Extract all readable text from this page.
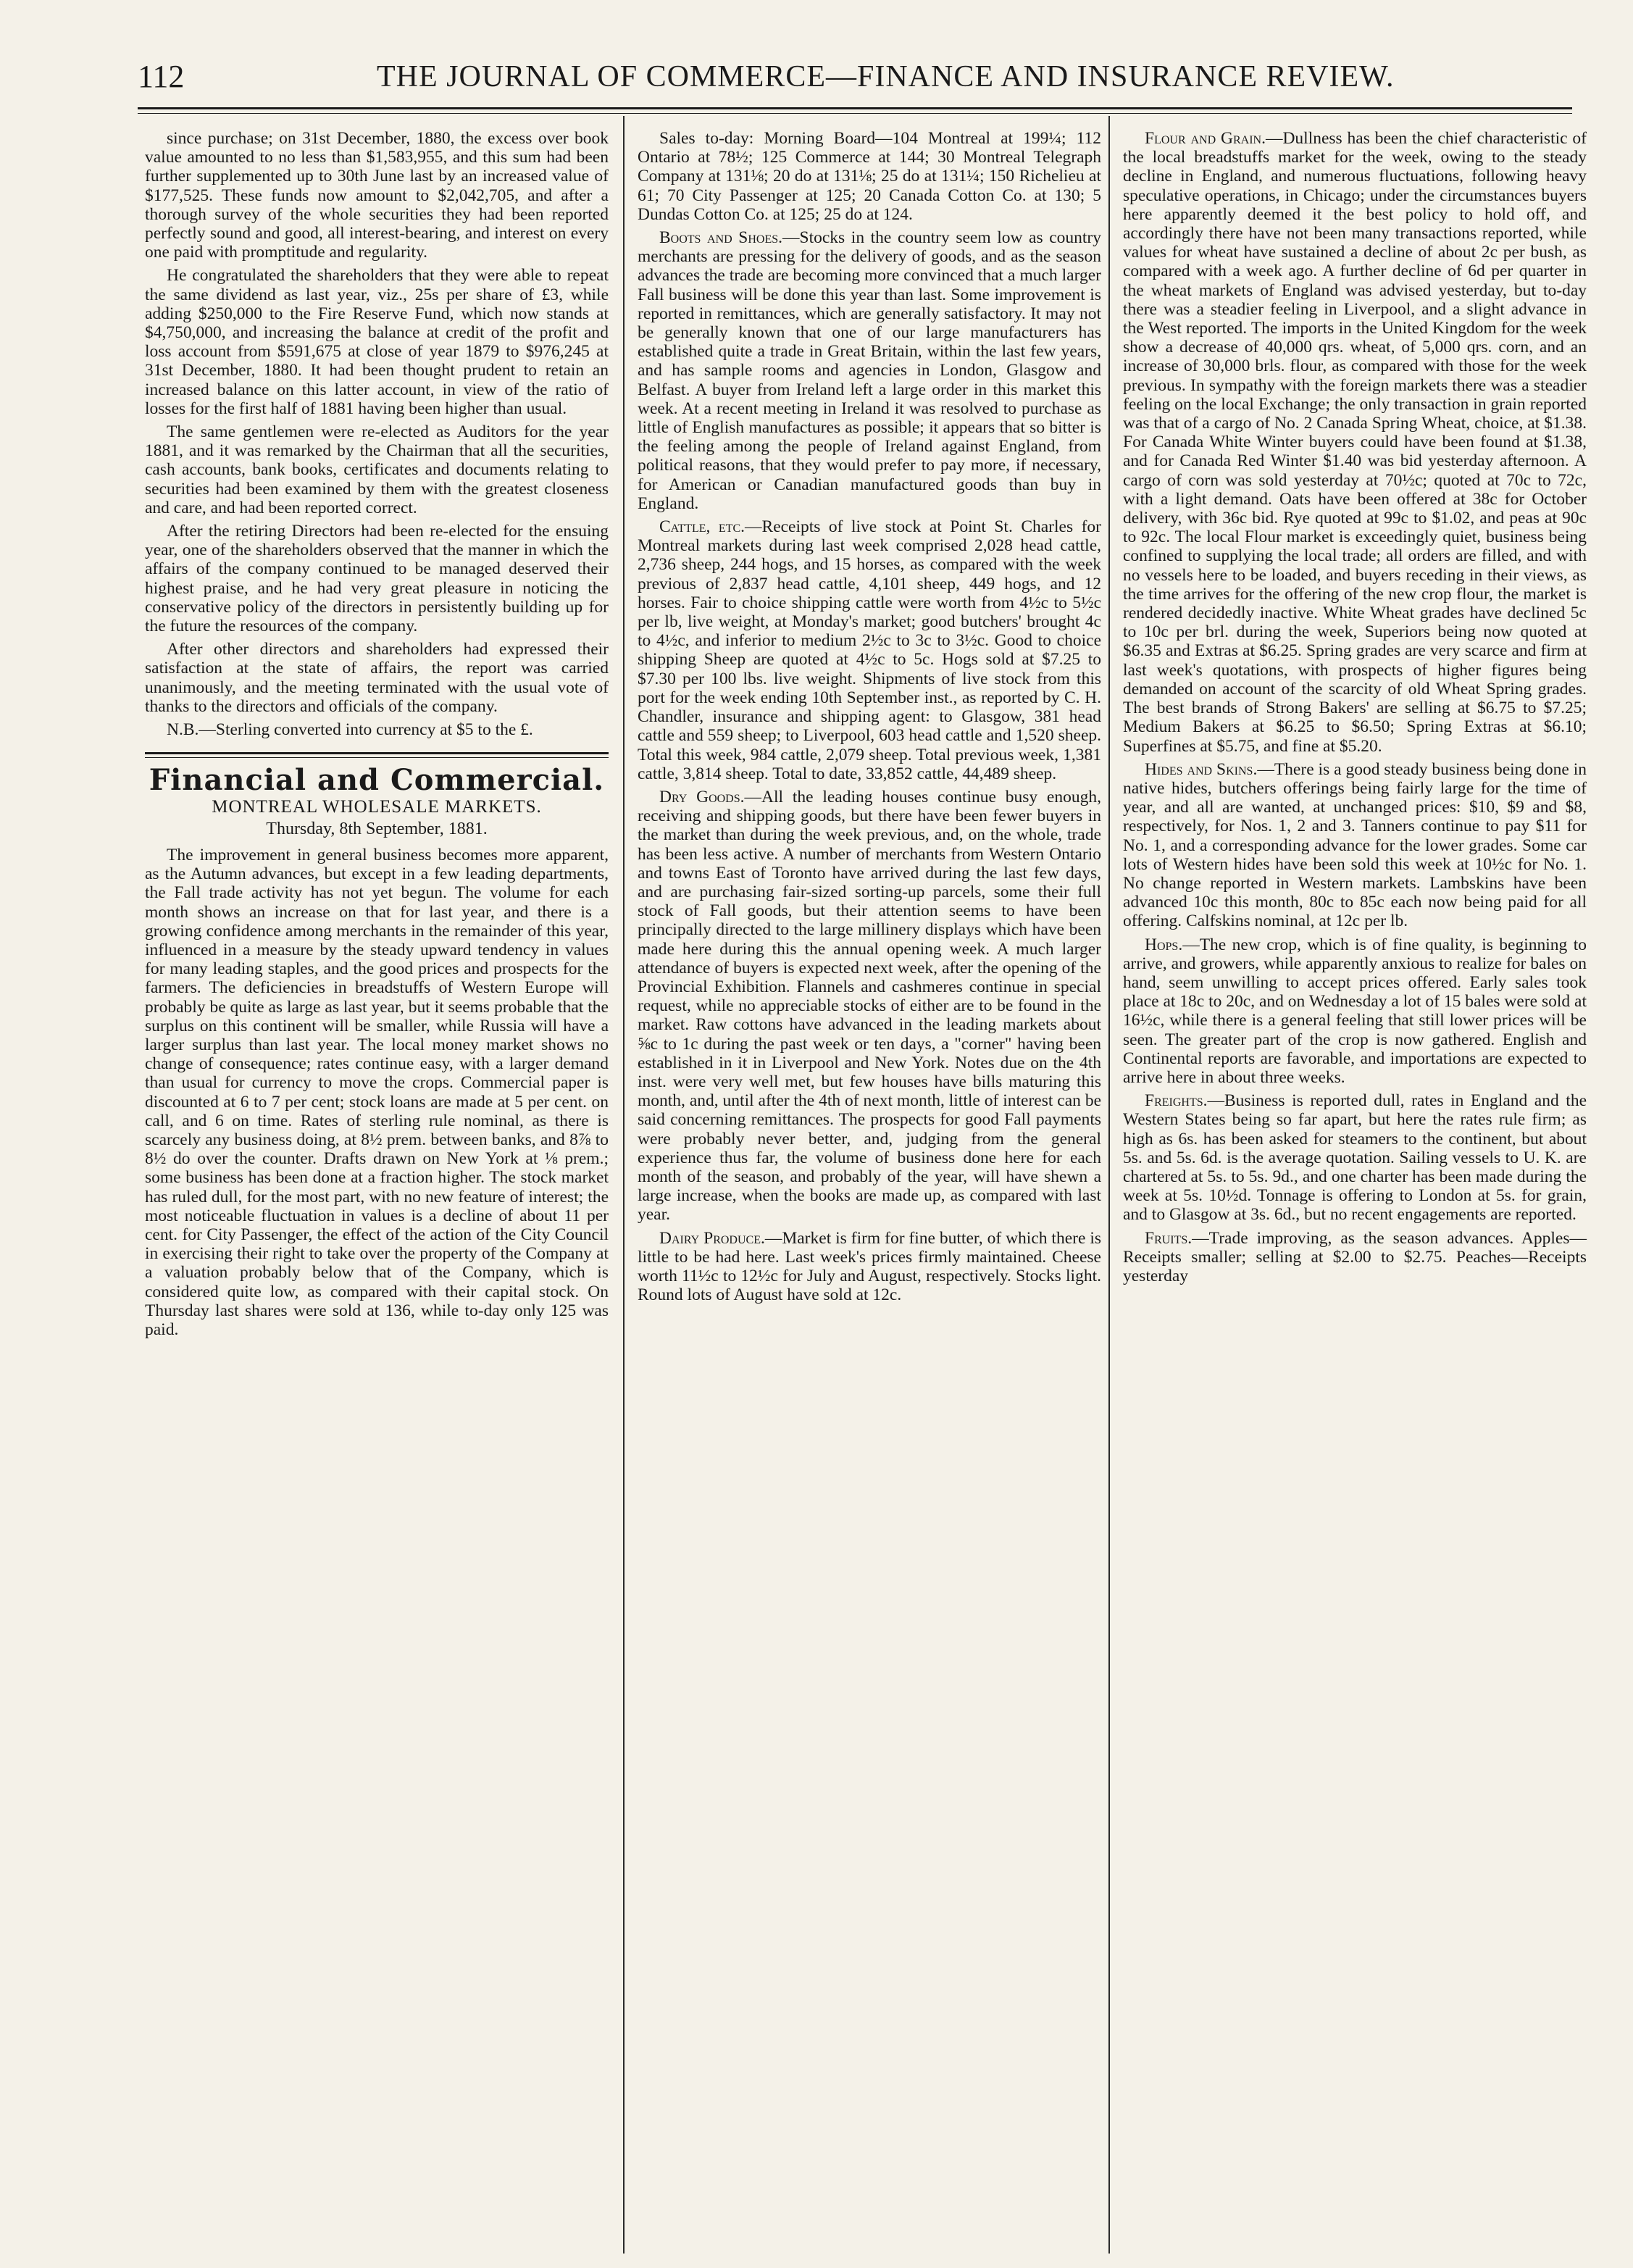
112	THE JOURNAL OF COMMERCE—FINANCE AND INSURANCE REVIEW.

since purchase; on 31st December, 1880, the excess over book value amounted to no less than $1,583,955, and this sum had been further supplemented up to 30th June last by an increased value of $177,525. These funds now amount to $2,042,705, and after a thorough survey of the whole securities they had been reported perfectly sound and good, all interest-bearing, and interest on every one paid with promptitude and regularity.

He congratulated the shareholders that they were able to repeat the same dividend as last year, viz., 25s per share of £3, while adding $250,000 to the Fire Reserve Fund, which now stands at $4,750,000, and increasing the balance at credit of the profit and loss account from $591,675 at close of year 1879 to $976,245 at 31st December, 1880. It had been thought prudent to retain an increased balance on this latter account, in view of the ratio of losses for the first half of 1881 having been higher than usual.

The same gentlemen were re-elected as Auditors for the year 1881, and it was remarked by the Chairman that all the securities, cash accounts, bank books, certificates and documents relating to securities had been examined by them with the greatest closeness and care, and had been reported correct.

After the retiring Directors had been re-elected for the ensuing year, one of the shareholders observed that the manner in which the affairs of the company continued to be managed deserved their highest praise, and he had very great pleasure in noticing the conservative policy of the directors in persistently building up for the future the resources of the company.

After other directors and shareholders had expressed their satisfaction at the state of affairs, the report was carried unanimously, and the meeting terminated with the usual vote of thanks to the directors and officials of the company.

N.B.—Sterling converted into currency at $5 to the £.

Financial and Commercial.
MONTREAL WHOLESALE MARKETS.
Thursday, 8th September, 1881.

The improvement in general business becomes more apparent, as the Autumn advances, but except in a few leading departments, the Fall trade activity has not yet begun. The volume for each month shows an increase on that for last year, and there is a growing confidence among merchants in the remainder of this year, influenced in a measure by the steady upward tendency in values for many leading staples, and the good prices and prospects for the farmers. The deficiencies in breadstuffs of Western Europe will probably be quite as large as last year, but it seems probable that the surplus on this continent will be smaller, while Russia will have a larger surplus than last year. The local money market shows no change of consequence; rates continue easy, with a larger demand than usual for currency to move the crops. Commercial paper is discounted at 6 to 7 per cent; stock loans are made at 5 per cent. on call, and 6 on time. Rates of sterling rule nominal, as there is scarcely any business doing, at 8½ prem. between banks, and 8⅞ to 8½ do over the counter. Drafts drawn on New York at ⅛ prem.; some business has been done at a fraction higher. The stock market has ruled dull, for the most part, with no new feature of interest; the most noticeable fluctuation in values is a decline of about 11 per cent. for City Passenger, the effect of the action of the City Council in exercising their right to take over the property of the Company at a valuation probably below that of the Company, which is considered quite low, as compared with their capital stock. On Thursday last shares were sold at 136, while to-day only 125 was paid.

Sales to-day: Morning Board—104 Montreal at 199¼; 112 Ontario at 78½; 125 Commerce at 144; 30 Montreal Telegraph Company at 131⅛; 20 do at 131⅛; 25 do at 131¼; 150 Richelieu at 61; 70 City Passenger at 125; 20 Canada Cotton Co. at 130; 5 Dundas Cotton Co. at 125; 25 do at 124.

Boots and Shoes.—Stocks in the country seem low as country merchants are pressing for the delivery of goods, and as the season advances the trade are becoming more convinced that a much larger Fall business will be done this year than last. Some improvement is reported in remittances, which are generally satisfactory. It may not be generally known that one of our large manufacturers has established quite a trade in Great Britain, within the last few years, and has sample rooms and agencies in London, Glasgow and Belfast. A buyer from Ireland left a large order in this market this week. At a recent meeting in Ireland it was resolved to purchase as little of English manufactures as possible; it appears that so bitter is the feeling among the people of Ireland against England, from political reasons, that they would prefer to pay more, if necessary, for American or Canadian manufactured goods than buy in England.

Cattle, etc.—Receipts of live stock at Point St. Charles for Montreal markets during last week comprised 2,028 head cattle, 2,736 sheep, 244 hogs, and 15 horses, as compared with the week previous of 2,837 head cattle, 4,101 sheep, 449 hogs, and 12 horses. Fair to choice shipping cattle were worth from 4½c to 5½c per lb, live weight, at Monday's market; good butchers' brought 4c to 4½c, and inferior to medium 2½c to 3c to 3½c. Good to choice shipping Sheep are quoted at 4½c to 5c. Hogs sold at $7.25 to $7.30 per 100 lbs. live weight. Shipments of live stock from this port for the week ending 10th September inst., as reported by C. H. Chandler, insurance and shipping agent: to Glasgow, 381 head cattle and 559 sheep; to Liverpool, 603 head cattle and 1,520 sheep. Total this week, 984 cattle, 2,079 sheep. Total previous week, 1,381 cattle, 3,814 sheep. Total to date, 33,852 cattle, 44,489 sheep.

Dry Goods.—All the leading houses continue busy enough, receiving and shipping goods, but there have been fewer buyers in the market than during the week previous, and, on the whole, trade has been less active. A number of merchants from Western Ontario and towns East of Toronto have arrived during the last few days, and are purchasing fair-sized sorting-up parcels, some their full stock of Fall goods, but their attention seems to have been principally directed to the large millinery displays which have been made here during this the annual opening week. A much larger attendance of buyers is expected next week, after the opening of the Provincial Exhibition. Flannels and cashmeres continue in special request, while no appreciable stocks of either are to be found in the market. Raw cottons have advanced in the leading markets about ⅝c to 1c during the past week or ten days, a "corner" having been established in it in Liverpool and New York. Notes due on the 4th inst. were very well met, but few houses have bills maturing this month, and, until after the 4th of next month, little of interest can be said concerning remittances. The prospects for good Fall payments were probably never better, and, judging from the general experience thus far, the volume of business done here for each month of the season, and probably of the year, will have shewn a large increase, when the books are made up, as compared with last year.

Dairy Produce.—Market is firm for fine butter, of which there is little to be had here. Last week's prices firmly maintained. Cheese worth 11½c to 12½c for July and August, respectively. Stocks light. Round lots of August have sold at 12c.

Flour and Grain.—Dullness has been the chief characteristic of the local breadstuffs market for the week, owing to the steady decline in England, and numerous fluctuations, following heavy speculative operations, in Chicago; under the circumstances buyers here apparently deemed it the best policy to hold off, and accordingly there have not been many transactions reported, while values for wheat have sustained a decline of about 2c per bush, as compared with a week ago. A further decline of 6d per quarter in the wheat markets of England was advised yesterday, but to-day there was a steadier feeling in Liverpool, and a slight advance in the West reported. The imports in the United Kingdom for the week show a decrease of 40,000 qrs. wheat, of 5,000 qrs. corn, and an increase of 30,000 brls. flour, as compared with those for the week previous. In sympathy with the foreign markets there was a steadier feeling on the local Exchange; the only transaction in grain reported was that of a cargo of No. 2 Canada Spring Wheat, choice, at $1.38. For Canada White Winter buyers could have been found at $1.38, and for Canada Red Winter $1.40 was bid yesterday afternoon. A cargo of corn was sold yesterday at 70½c; quoted at 70c to 72c, with a light demand. Oats have been offered at 38c for October delivery, with 36c bid. Rye quoted at 99c to $1.02, and peas at 90c to 92c. The local Flour market is exceedingly quiet, business being confined to supplying the local trade; all orders are filled, and with no vessels here to be loaded, and buyers receding in their views, as the time arrives for the offering of the new crop flour, the market is rendered decidedly inactive. White Wheat grades have declined 5c to 10c per brl. during the week, Superiors being now quoted at $6.35 and Extras at $6.25. Spring grades are very scarce and firm at last week's quotations, with prospects of higher figures being demanded on account of the scarcity of old Wheat Spring grades. The best brands of Strong Bakers' are selling at $6.75 to $7.25; Medium Bakers at $6.25 to $6.50; Spring Extras at $6.10; Superfines at $5.75, and fine at $5.20.

Hides and Skins.—There is a good steady business being done in native hides, butchers offerings being fairly large for the time of year, and all are wanted, at unchanged prices: $10, $9 and $8, respectively, for Nos. 1, 2 and 3. Tanners continue to pay $11 for No. 1, and a corresponding advance for the lower grades. Some car lots of Western hides have been sold this week at 10½c for No. 1. No change reported in Western markets. Lambskins have been advanced 10c this month, 80c to 85c each now being paid for all offering. Calfskins nominal, at 12c per lb.

Hops.—The new crop, which is of fine quality, is beginning to arrive, and growers, while apparently anxious to realize for bales on hand, seem unwilling to accept prices offered. Early sales took place at 18c to 20c, and on Wednesday a lot of 15 bales were sold at 16½c, while there is a general feeling that still lower prices will be seen. The greater part of the crop is now gathered. English and Continental reports are favorable, and importations are expected to arrive here in about three weeks.

Freights.—Business is reported dull, rates in England and the Western States being so far apart, but here the rates rule firm; as high as 6s. has been asked for steamers to the continent, but about 5s. and 5s. 6d. is the average quotation. Sailing vessels to U. K. are chartered at 5s. to 5s. 9d., and one charter has been made during the week at 5s. 10½d. Tonnage is offering to London at 5s. for grain, and to Glasgow at 3s. 6d., but no recent engagements are reported.

Fruits.—Trade improving, as the season advances. Apples—Receipts smaller; selling at $2.00 to $2.75. Peaches—Receipts yesterday
